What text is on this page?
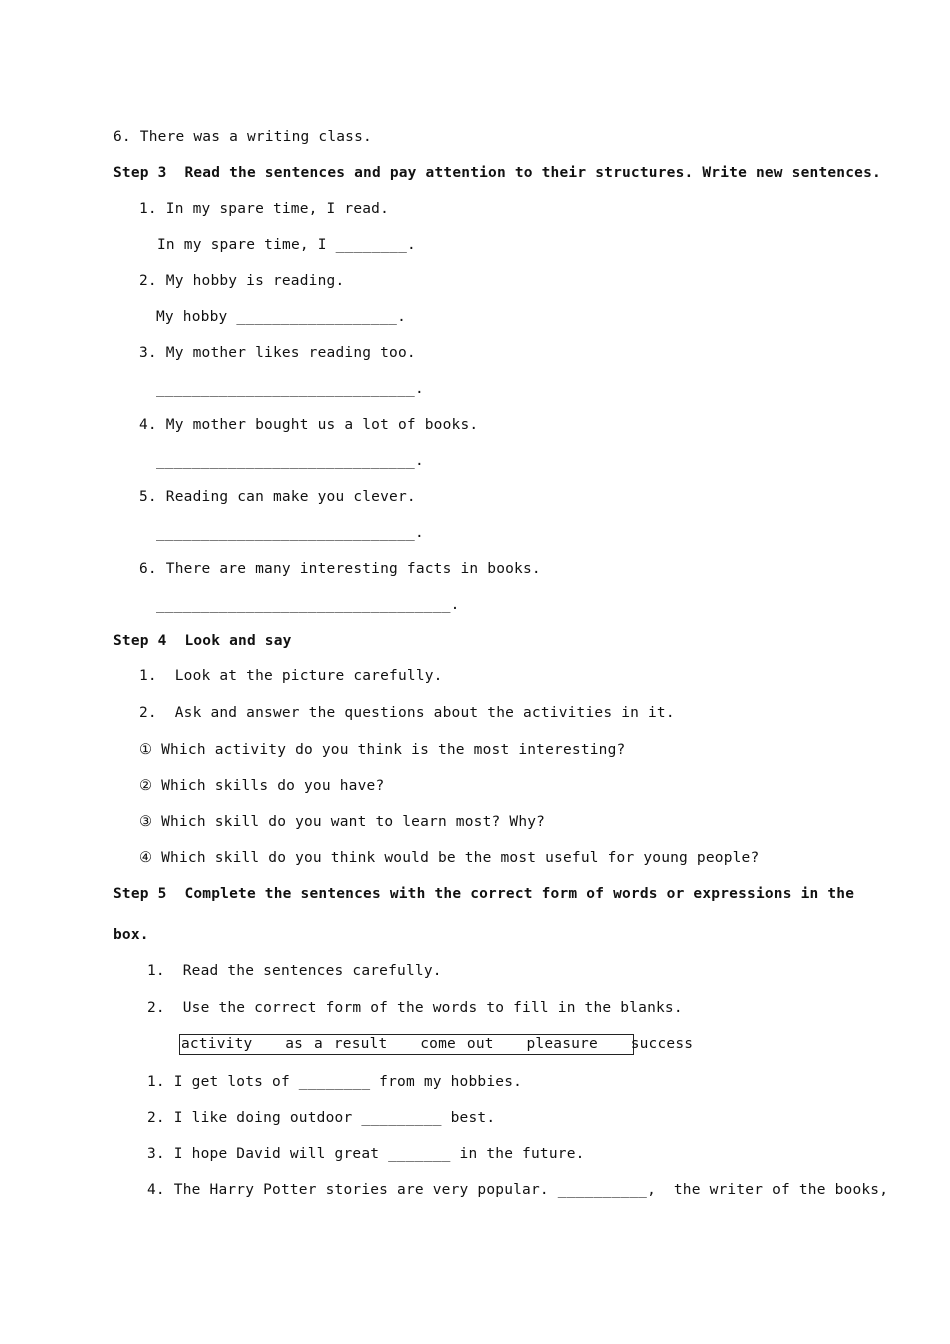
6. There was a writing class.
Step 3  Read the sentences and pay attention to their structures. Write new sentences.
1. In my spare time, I read.
In my spare time, I ________.
2. My hobby is reading.
My hobby __________________.
3. My mother likes reading too.
_____________________________.
4. My mother bought us a lot of books.
_____________________________.
5. Reading can make you clever.
_____________________________.
6. There are many interesting facts in books.
_________________________________.
Step 4  Look and say
1.  Look at the picture carefully.
2.  Ask and answer the questions about the activities in it.
① Which activity do you think is the most interesting?
② Which skills do you have?
③ Which skill do you want to learn most? Why?
④ Which skill do you think would be the most useful for young people?
Step 5  Complete the sentences with the correct form of words or expressions in the
box.
1.  Read the sentences carefully.
2.  Use the correct form of the words to fill in the blanks.
activity   as a result   come out   pleasure   success
1. I get lots of ________ from my hobbies.
2. I like doing outdoor _________ best.
3. I hope David will great _______ in the future.
4. The Harry Potter stories are very popular. __________,  the writer of the books,
